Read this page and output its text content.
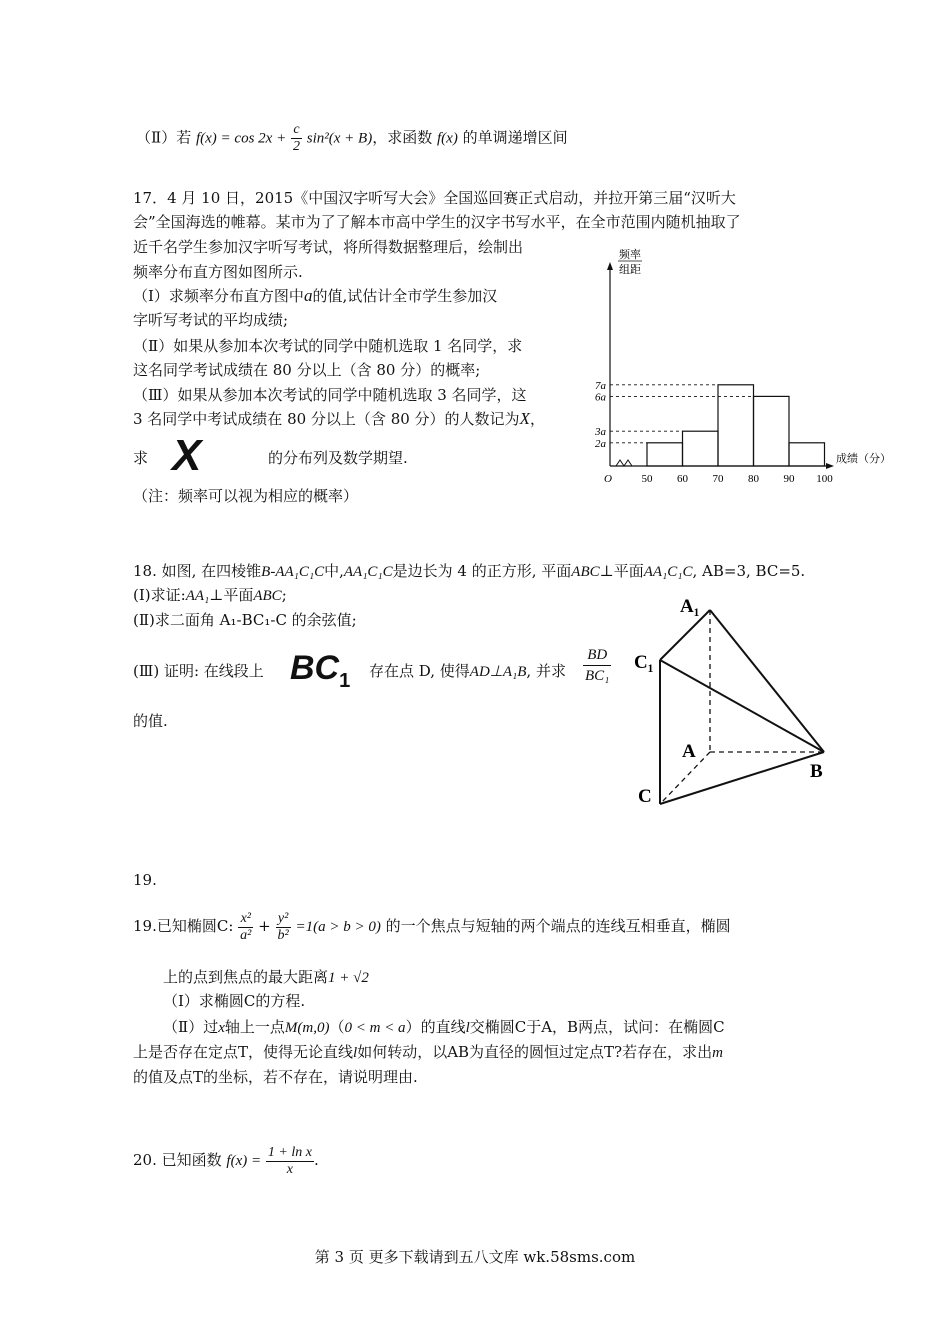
（Ⅱ）若 $f(x) = \cos 2x + \frac{c}{2} \sin^2(x + B)$，求函数 f(x) 的单调递增区间
17．4 月 10 日，2015《中国汉字听写大会》全国巡回赛正式启动，并拉开第三届“汉听大
会”全国海选的帷幕。某市为了了解本市高中学生的汉字书写水平，在全市范围内随机抽取了
近千名学生参加汉字听写考试，将所得数据整理后，绘制出
频率分布直方图如图所示.
（Ⅰ）求频率分布直方图中a的值,试估计全市学生参加汉
字听写考试的平均成绩;
（Ⅱ）如果从参加本次考试的同学中随机选取 1 名同学，求
这名同学考试成绩在 80 分以上（含 80 分）的概率;
（Ⅲ）如果从参加本次考试的同学中随机选取 3 名同学，这
3 名同学中考试成绩在 80 分以上（含 80 分）的人数记为X，
求 X	的分布列及数学期望.
（注：频率可以视为相应的概率）
7a
6a
3a
2a
50 60 70 80 90 100
O
频率
组距
成绩（分）
18. 如图, 在四棱锥B-AA₁C₁C中,AA₁C₁C是边长为 4 的正方形, 平面ABC⊥平面AA₁C₁C, AB=3, BC=5.
(Ⅰ)求证:AA₁⊥平面ABC;
(Ⅱ)求二面角 A₁-BC₁-C 的余弦值;
(Ⅲ) 证明: 在线段上 $BC_1$ 存在点 D, 使得AD⊥A₁B, 并求 $\frac{BD}{\text{BC₁}}$
的值.
A₁
C₁
A
B
C
19.
19.已知椭圆C: $\frac{\text{x²}}{\text{a²}} + \frac{\text{y²}}{\text{b²}} =1(a > b > 0)$ 的一个焦点与短轴的两个端点的连线互相垂直，椭圆
上的点到焦点的最大距离1 + √2
（Ⅰ）求椭圆C的方程.
（Ⅱ）过x轴上一点M(m,0)（0 < m < a）的直线l交椭圆C于A，B两点，试问：在椭圆C
上是否存在定点T，使得无论直线l如何转动，以AB为直径的圆恒过定点T?若存在，求出m
的值及点T的坐标，若不存在，请说明理由.
20. 已知函数 $f(x) = \frac{\text{1 + ln x}}{x}$ .
第 3 页 更多下载请到五八文库 wk.58sms.com
